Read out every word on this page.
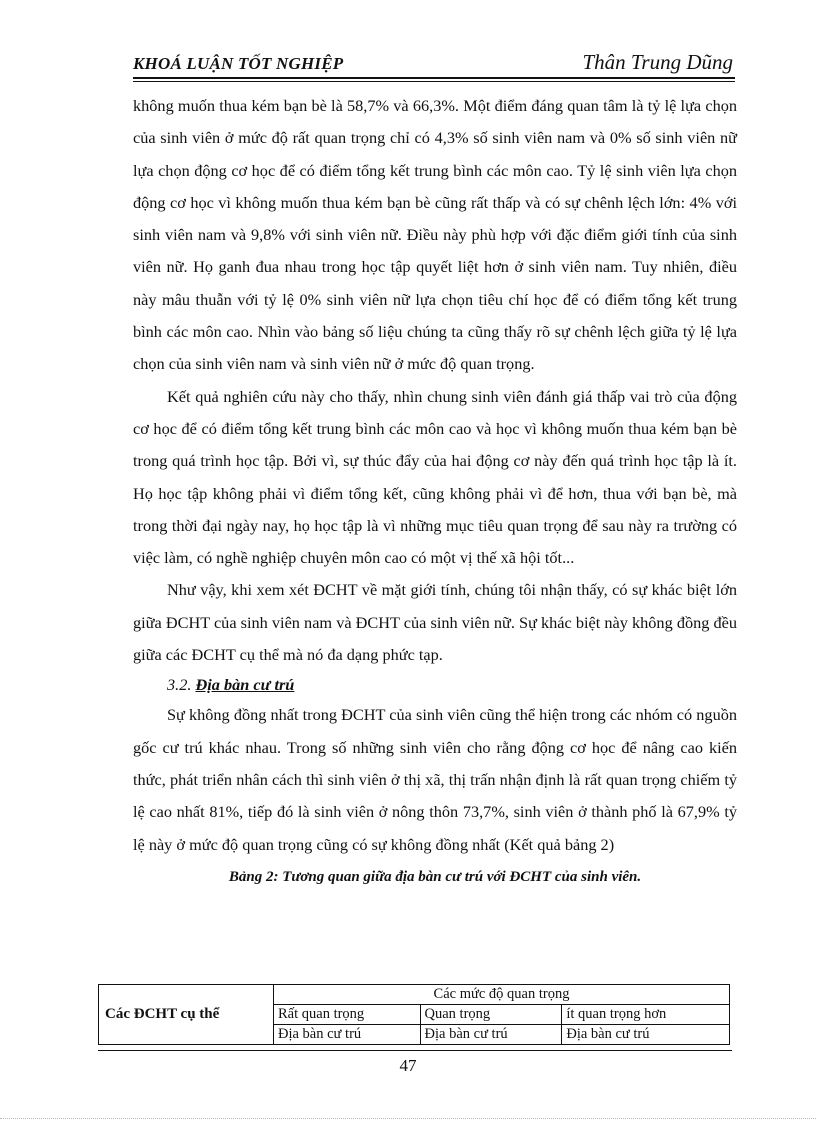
KHOÁ LUẬN TỐT NGHIỆP	Thân Trung Dũng

không muốn thua kém bạn bè là 58,7% và 66,3%. Một điểm đáng quan tâm là tỷ lệ lựa chọn của sinh viên ở mức độ rất quan trọng chỉ có 4,3% số sinh viên nam và 0% số sinh viên nữ lựa chọn động cơ học để có điểm tổng kết trung bình các môn cao. Tỷ lệ sinh viên lựa chọn động cơ học vì không muốn thua kém bạn bè cũng rất thấp và có sự chênh lệch lớn: 4% với sinh viên nam và 9,8% với sinh viên nữ. Điều này phù hợp với đặc điểm giới tính của sinh viên nữ. Họ ganh đua nhau trong học tập quyết liệt hơn ở sinh viên nam. Tuy nhiên, điều này mâu thuẫn với tỷ lệ 0% sinh viên nữ lựa chọn tiêu chí học để có điểm tổng kết trung bình các môn cao. Nhìn vào bảng số liệu chúng ta cũng thấy rõ sự chênh lệch giữa tỷ lệ lựa chọn của sinh viên nam và sinh viên nữ ở mức độ quan trọng.

Kết quả nghiên cứu này cho thấy, nhìn chung sinh viên đánh giá thấp vai trò của động cơ học để có điểm tổng kết trung bình các môn cao và học vì không muốn thua kém bạn bè trong quá trình học tập. Bởi vì, sự thúc đẩy của hai động cơ này đến quá trình học tập là ít. Họ học tập không phải vì điểm tổng kết, cũng không phải vì để hơn, thua với bạn bè, mà trong thời đại ngày nay, họ học tập là vì những mục tiêu quan trọng để sau này ra trường có việc làm, có nghề nghiệp chuyên môn cao có một vị thế xã hội tốt...

Như vậy, khi xem xét ĐCHT về mặt giới tính, chúng tôi nhận thấy, có sự khác biệt lớn giữa ĐCHT của sinh viên nam và ĐCHT của sinh viên nữ. Sự khác biệt này không đồng đều giữa các ĐCHT cụ thể mà nó đa dạng phức tạp.

3.2. Địa bàn cư trú

Sự không đồng nhất trong ĐCHT của sinh viên cũng thể hiện trong các nhóm có nguồn gốc cư trú khác nhau. Trong số những sinh viên cho rằng động cơ học để nâng cao kiến thức, phát triển nhân cách thì sinh viên ở thị xã, thị trấn nhận định là rất quan trọng chiếm tỷ lệ cao nhất 81%, tiếp đó là sinh viên ở nông thôn 73,7%, sinh viên ở thành phố là 67,9% tỷ lệ này ở mức độ quan trọng cũng có sự không đồng nhất (Kết quả bảng 2)

Bảng 2: Tương quan giữa địa bàn cư trú với ĐCHT của sinh viên.

Các ĐCHT cụ thể	Các mức độ quan trọng		
	Rất quan trọng	Quan trọng	ít quan trọng hơn
	Địa bàn cư trú	Địa bàn cư trú	Địa bàn cư trú
47
